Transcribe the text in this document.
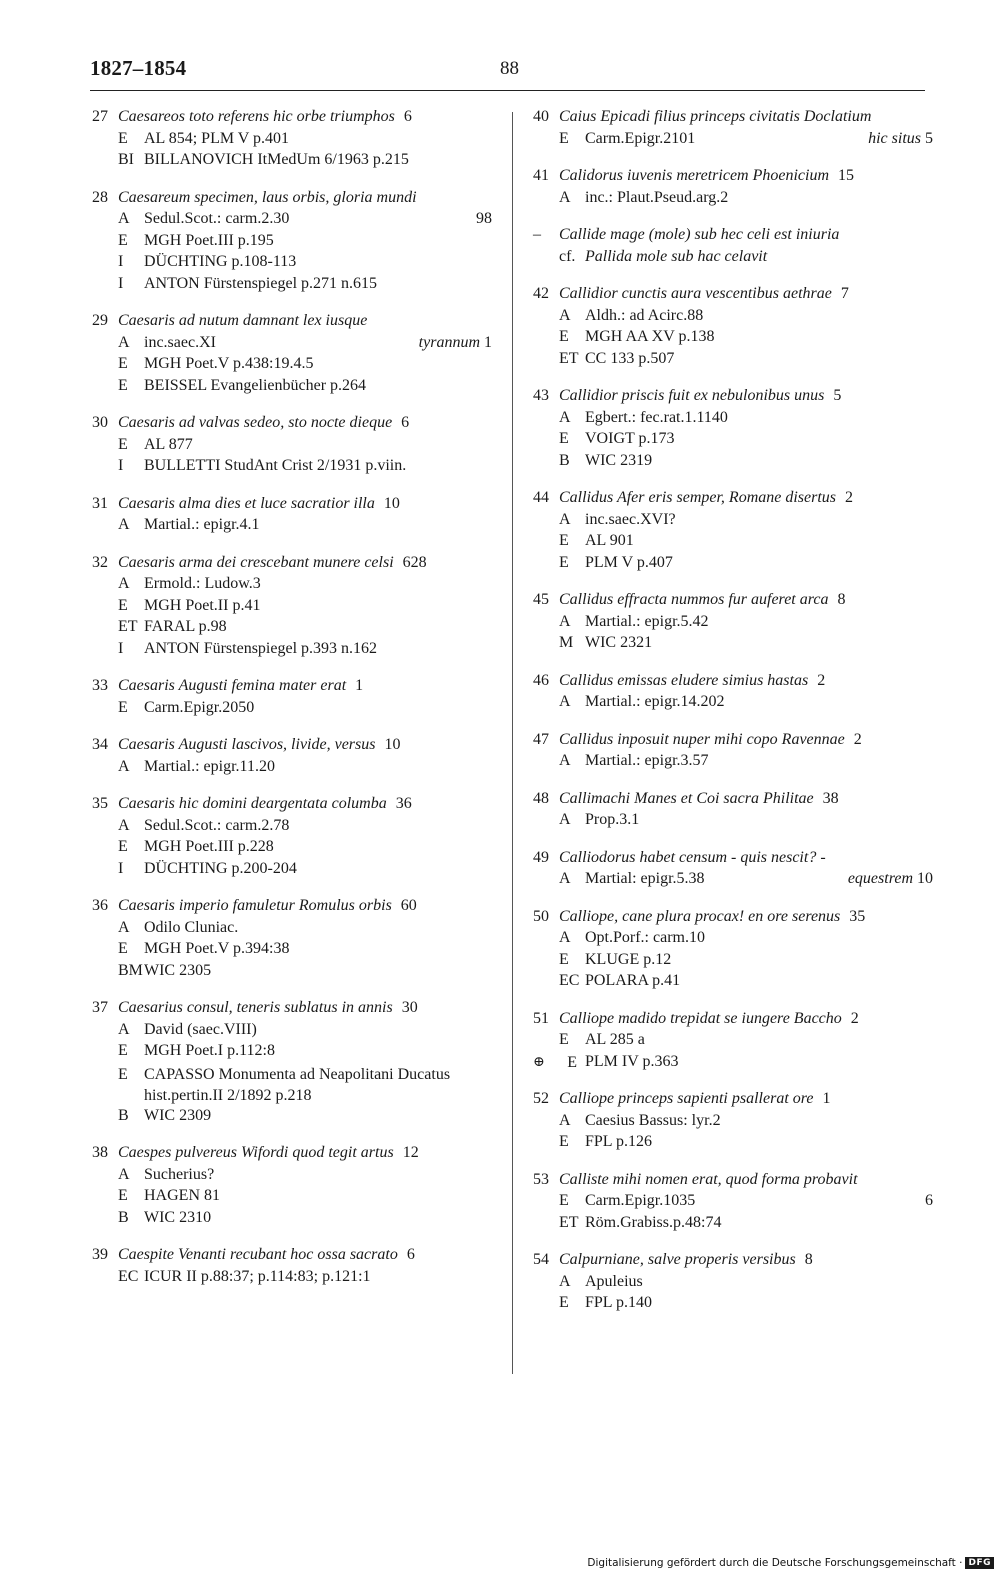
1827–1854	88
27 Caesareos toto referens hic orbe triumphos 6
E	AL 854; PLM V p.401
BI BILLANOVICH ItMedUm 6/1963 p.215
28 Caesareum specimen, laus orbis, gloria mundi
A Sedul.Scot.: carm.2.30	98
E	MGH Poet.III p.195
I	DÜCHTING p.108-113
I	ANTON Fürstenspiegel p.271 n.615
29 Caesaris ad nutum damnant lex iusque
A inc.saec.XI	tyrannum 1
E	MGH Poet.V p.438:19.4.5
E	BEISSEL Evangelienbücher p.264
30 Caesaris ad valvas sedeo, sto nocte dieque 6
E	AL 877
I	BULLETTI StudAnt Crist 2/1931 p.viin.
31 Caesaris alma dies et luce sacratior illa 10
A Martial.: epigr.4.1
32 Caesaris arma dei crescebant munere celsi 628
A Ermold.: Ludow.3
E	MGH Poet.II p.41
ET FARAL p.98
I	ANTON Fürstenspiegel p.393 n.162
33 Caesaris Augusti femina mater erat 1
E	Carm.Epigr.2050
34 Caesaris Augusti lascivos, livide, versus 10
A Martial.: epigr.11.20
35 Caesaris hic domini deargentata columba 36
A Sedul.Scot.: carm.2.78
E	MGH Poet.III p.228
I	DÜCHTING p.200-204
36 Caesaris imperio famuletur Romulus orbis 60
A Odilo Cluniac.
E	MGH Poet.V p.394:38
BM WIC 2305
37 Caesarius consul, teneris sublatus in annis 30
A David (saec.VIII)
E	MGH Poet.I p.112:8
E	CAPASSO Monumenta ad Neapolitani Ducatus hist.pertin.II 2/1892 p.218
B WIC 2309
38 Caespes pulvereus Wifordi quod tegit artus 12
A Sucherius?
E	HAGEN 81
B WIC 2310
39 Caespite Venanti recubant hoc ossa sacrato 6
EC ICUR II p.88:37; p.114:83; p.121:1
40 Caius Epicadi filius princeps civitatis Doclatium
E	Carm.Epigr.2101	hic situs 5
41 Calidorus iuvenis meretricem Phoenicium 15
A inc.: Plaut.Pseud.arg.2
–	Callide mage (mole) sub hec celi est iniuria
cf. Pallida mole sub hac celavit
42 Callidior cunctis aura vescentibus aethrae 7
A Aldh.: ad Acirc.88
E	MGH AA XV p.138
ET CC 133 p.507
43 Callidior priscis fuit ex nebulonibus unus 5
A Egbert.: fec.rat.1.1140
E	VOIGT p.173
B WIC 2319
44 Callidus Afer eris semper, Romane disertus 2
A inc.saec.XVI?
E	AL 901
E	PLM V p.407
45 Callidus effracta nummos fur auferet arca 8
A Martial.: epigr.5.42
M WIC 2321
46 Callidus emissas eludere simius hastas 2
A Martial.: epigr.14.202
47 Callidus inposuit nuper mihi copo Ravennae 2
A Martial.: epigr.3.57
48 Callimachi Manes et Coi sacra Philitae 38
A Prop.3.1
49 Calliodorus habet censum - quis nescit? -
A Martial: epigr.5.38	equestrem 10
50 Calliope, cane plura procax! en ore serenus 35
A Opt.Porf.: carm.10
E	KLUGE p.12
EC POLARA p.41
51 Calliope madido trepidat se iungere Baccho 2
E	AL 285 a
⊕ E PLM IV p.363
52 Calliope princeps sapienti psallerat ore 1
A Caesius Bassus: lyr.2
E	FPL p.126
53 Calliste mihi nomen erat, quod forma probavit
E	Carm.Epigr.1035	6
ET Röm.Grabiss.p.48:74
54 Calpurniane, salve properis versibus 8
A Apuleius
E	FPL p.140
Digitalisierung gefördert durch die Deutsche Forschungsgemeinschaft · DFG
